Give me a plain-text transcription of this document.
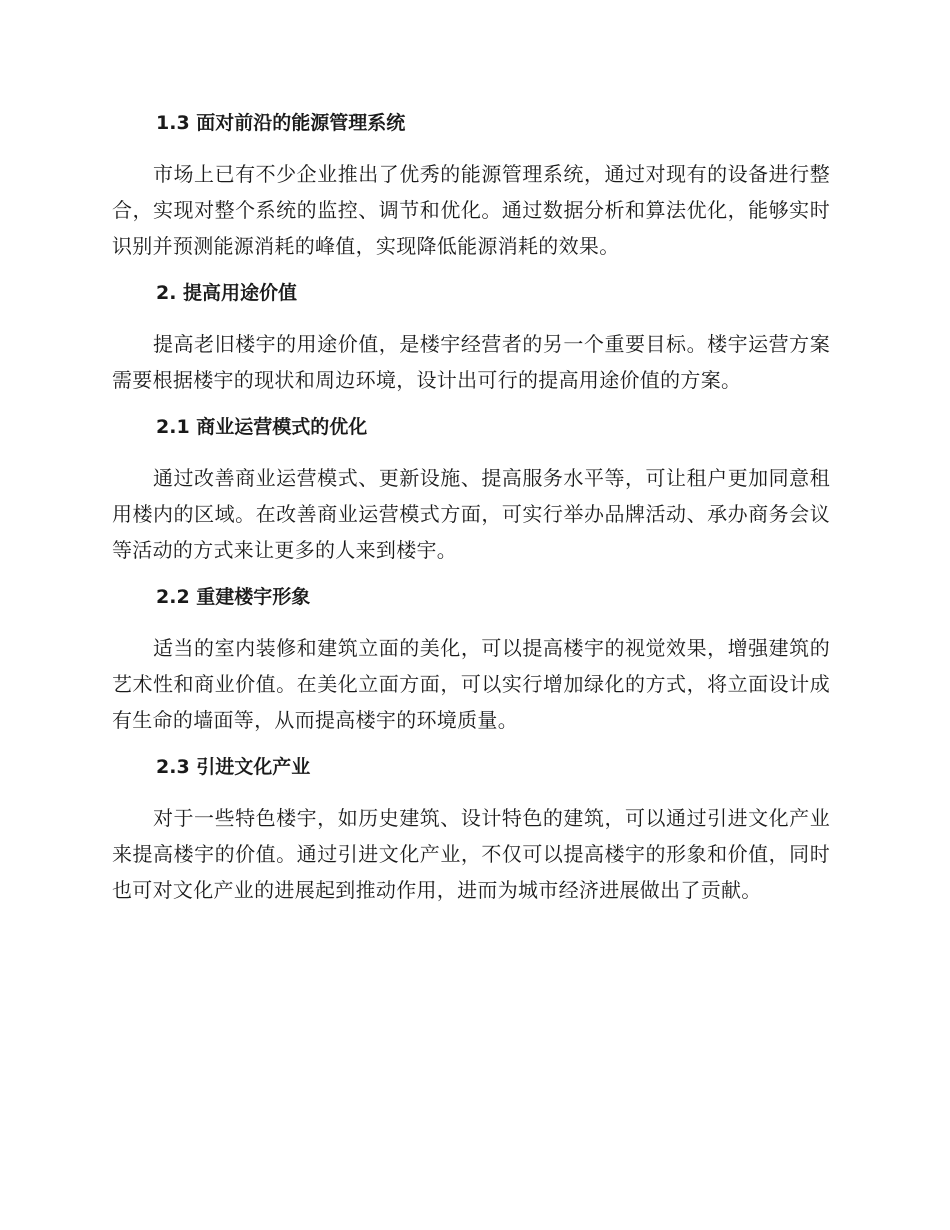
1.3 面对前沿的能源管理系统

市场上已有不少企业推出了优秀的能源管理系统，通过对现有的设备进行整合，实现对整个系统的监控、调节和优化。通过数据分析和算法优化，能够实时识别并预测能源消耗的峰值，实现降低能源消耗的效果。

2. 提高用途价值

提高老旧楼宇的用途价值，是楼宇经营者的另一个重要目标。楼宇运营方案需要根据楼宇的现状和周边环境，设计出可行的提高用途价值的方案。

2.1 商业运营模式的优化

通过改善商业运营模式、更新设施、提高服务水平等，可让租户更加同意租用楼内的区域。在改善商业运营模式方面，可实行举办品牌活动、承办商务会议等活动的方式来让更多的人来到楼宇。

2.2 重建楼宇形象

适当的室内装修和建筑立面的美化，可以提高楼宇的视觉效果，增强建筑的艺术性和商业价值。在美化立面方面，可以实行增加绿化的方式，将立面设计成有生命的墙面等，从而提高楼宇的环境质量。

2.3 引进文化产业

对于一些特色楼宇，如历史建筑、设计特色的建筑，可以通过引进文化产业来提高楼宇的价值。通过引进文化产业，不仅可以提高楼宇的形象和价值，同时也可对文化产业的进展起到推动作用，进而为城市经济进展做出了贡献。
